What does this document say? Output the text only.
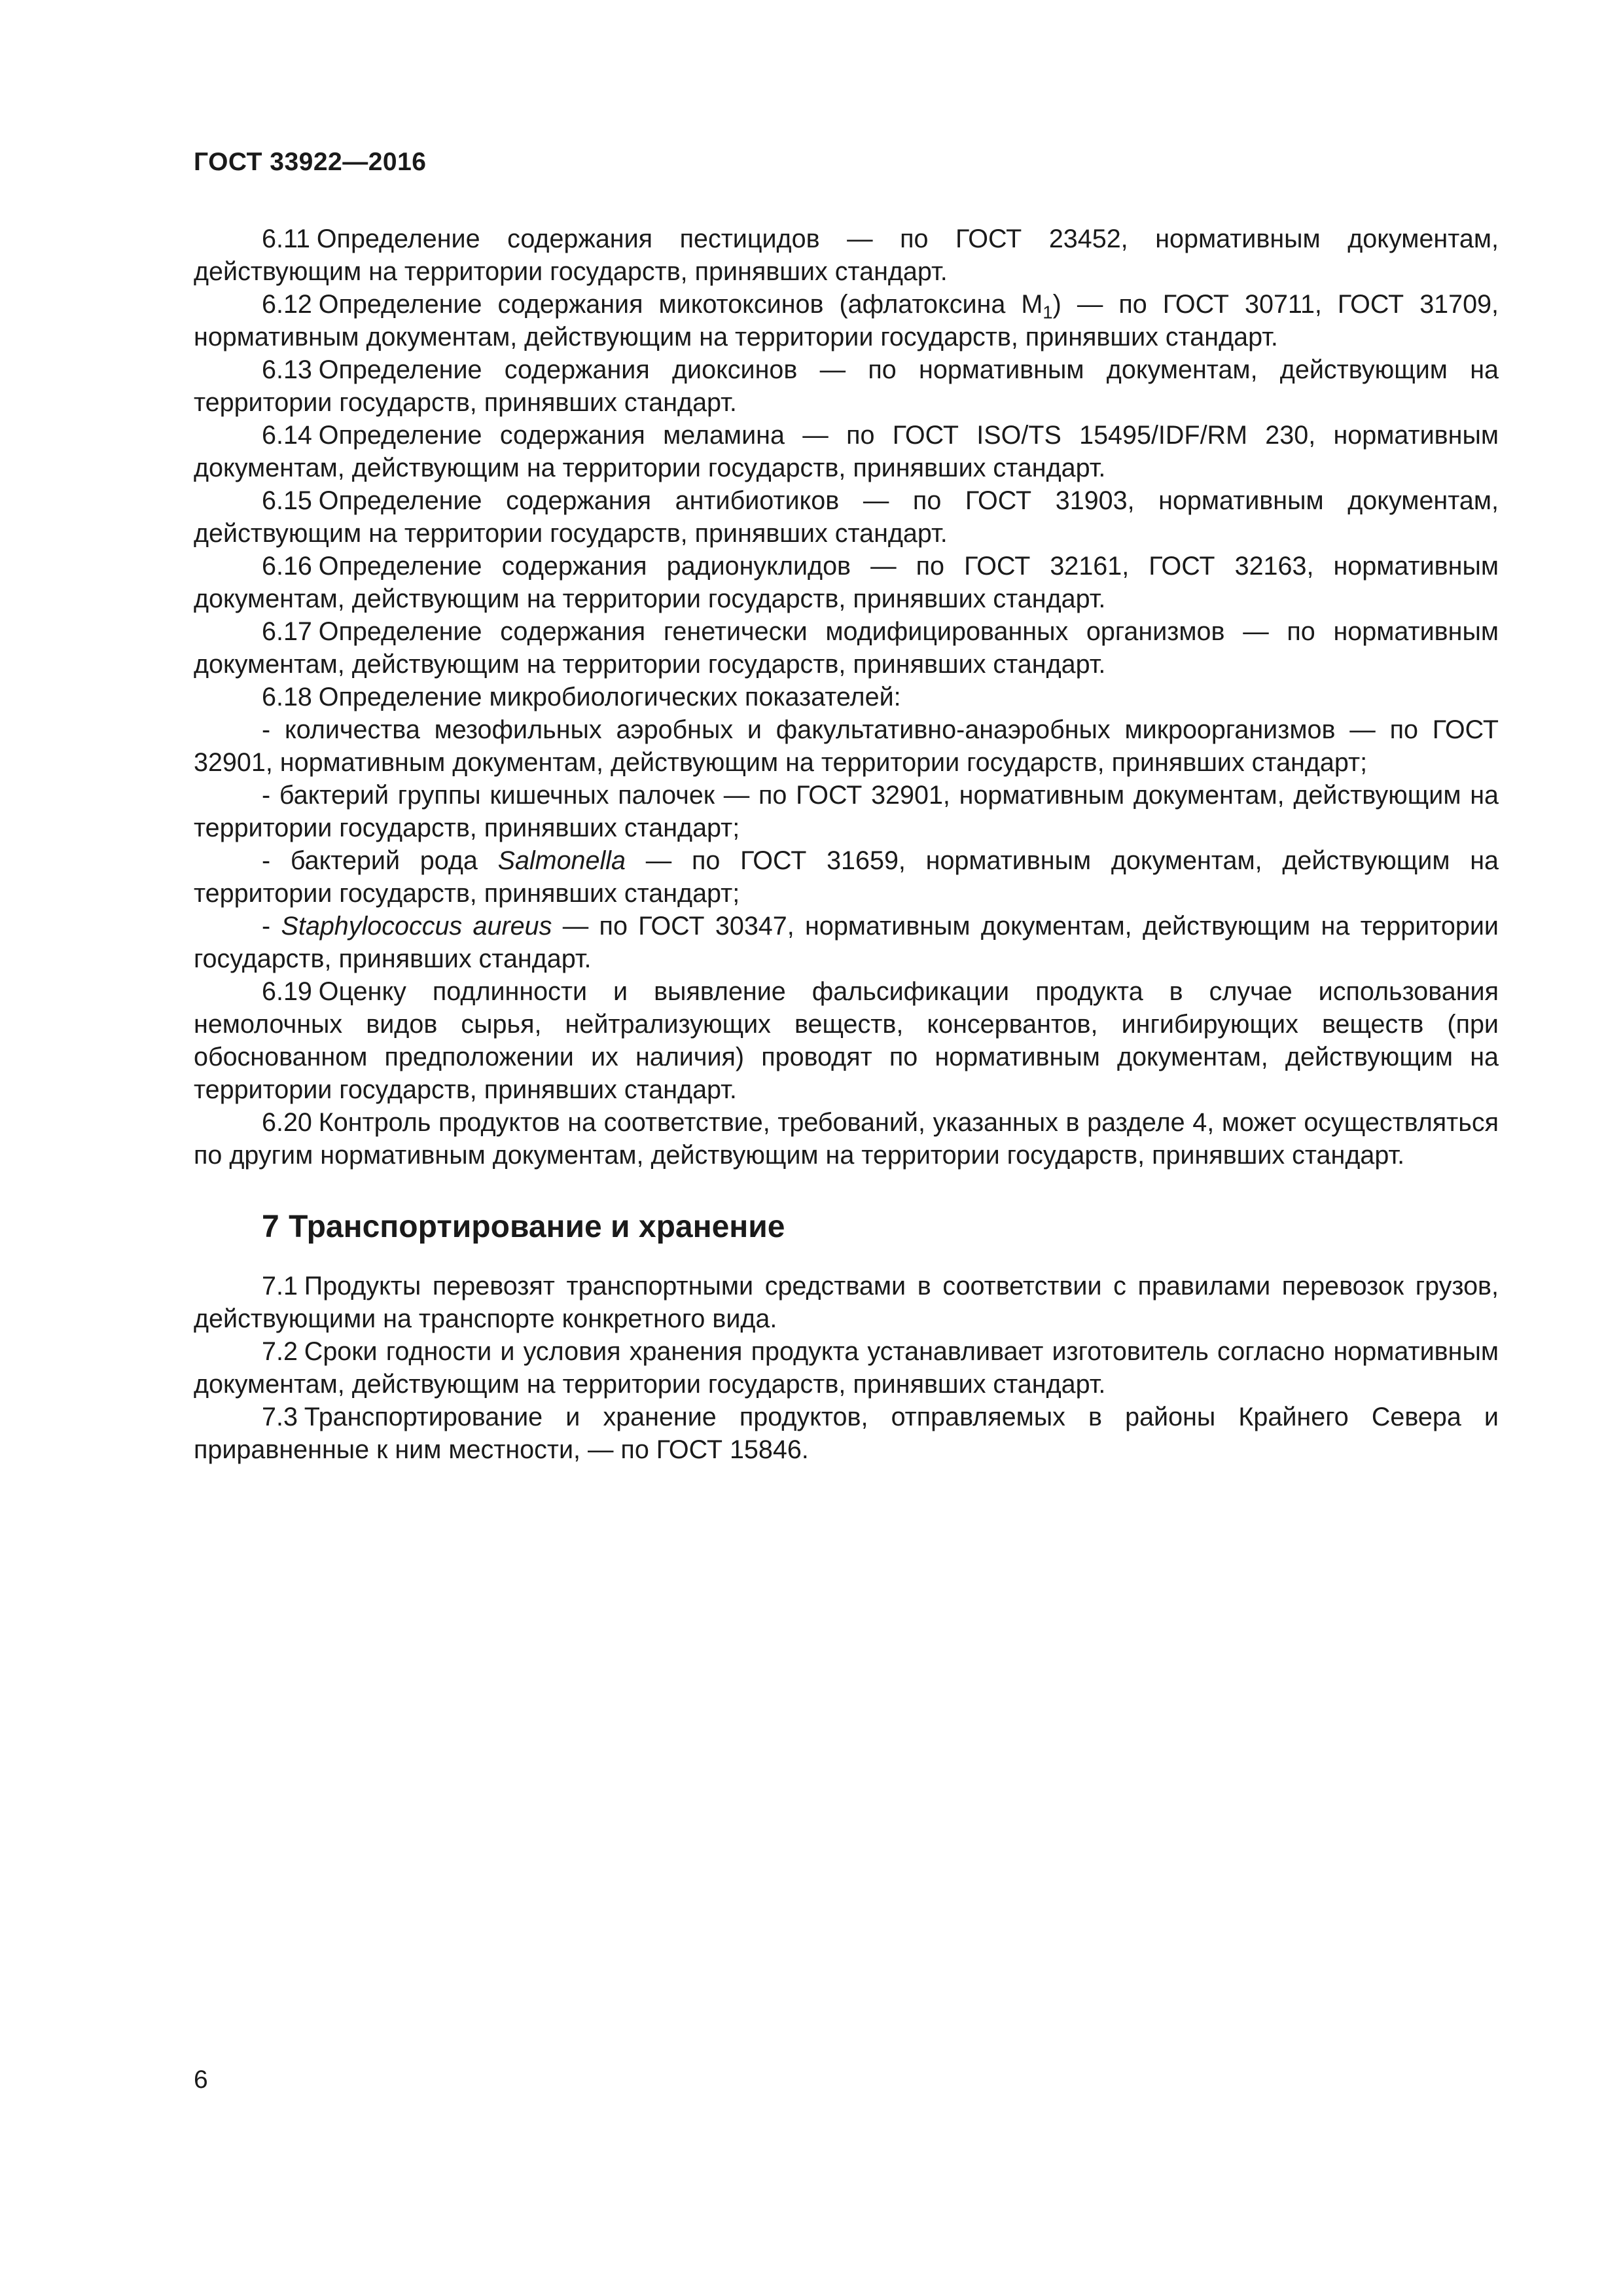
ГОСТ 33922—2016

6.11 Определение содержания пестицидов — по ГОСТ 23452, нормативным документам, действующим на территории государств, принявших стандарт.

6.12 Определение содержания микотоксинов (афлатоксина $М_1$) — по ГОСТ 30711, ГОСТ 31709, нормативным документам, действующим на территории государств, принявших стандарт.

6.13 Определение содержания диоксинов — по нормативным документам, действующим на территории государств, принявших стандарт.

6.14 Определение содержания меламина — по ГОСТ ISO/TS 15495/IDF/RM 230, нормативным документам, действующим на территории государств, принявших стандарт.

6.15 Определение содержания антибиотиков — по ГОСТ 31903, нормативным документам, действующим на территории государств, принявших стандарт.

6.16 Определение содержания радионуклидов — по ГОСТ 32161, ГОСТ 32163, нормативным документам, действующим на территории государств, принявших стандарт.

6.17 Определение содержания генетически модифицированных организмов — по нормативным документам, действующим на территории государств, принявших стандарт.

6.18 Определение микробиологических показателей:

- количества мезофильных аэробных и факультативно-анаэробных микроорганизмов — по ГОСТ 32901, нормативным документам, действующим на территории государств, принявших стандарт;

- бактерий группы кишечных палочек — по ГОСТ 32901, нормативным документам, действующим на территории государств, принявших стандарт;

- бактерий рода Salmonella — по ГОСТ 31659, нормативным документам, действующим на территории государств, принявших стандарт;

- Staphylococcus aureus — по ГОСТ 30347, нормативным документам, действующим на территории государств, принявших стандарт.

6.19 Оценку подлинности и выявление фальсификации продукта в случае использования немолочных видов сырья, нейтрализующих веществ, консервантов, ингибирующих веществ (при обоснованном предположении их наличия) проводят по нормативным документам, действующим на территории государств, принявших стандарт.

6.20 Контроль продуктов на соответствие, требований, указанных в разделе 4, может осуществляться по другим нормативным документам, действующим на территории государств, принявших стандарт.

7 Транспортирование и хранение

7.1 Продукты перевозят транспортными средствами в соответствии с правилами перевозок грузов, действующими на транспорте конкретного вида.

7.2 Сроки годности и условия хранения продукта устанавливает изготовитель согласно нормативным документам, действующим на территории государств, принявших стандарт.

7.3 Транспортирование и хранение продуктов, отправляемых в районы Крайнего Севера и приравненные к ним местности, — по ГОСТ 15846.

6
